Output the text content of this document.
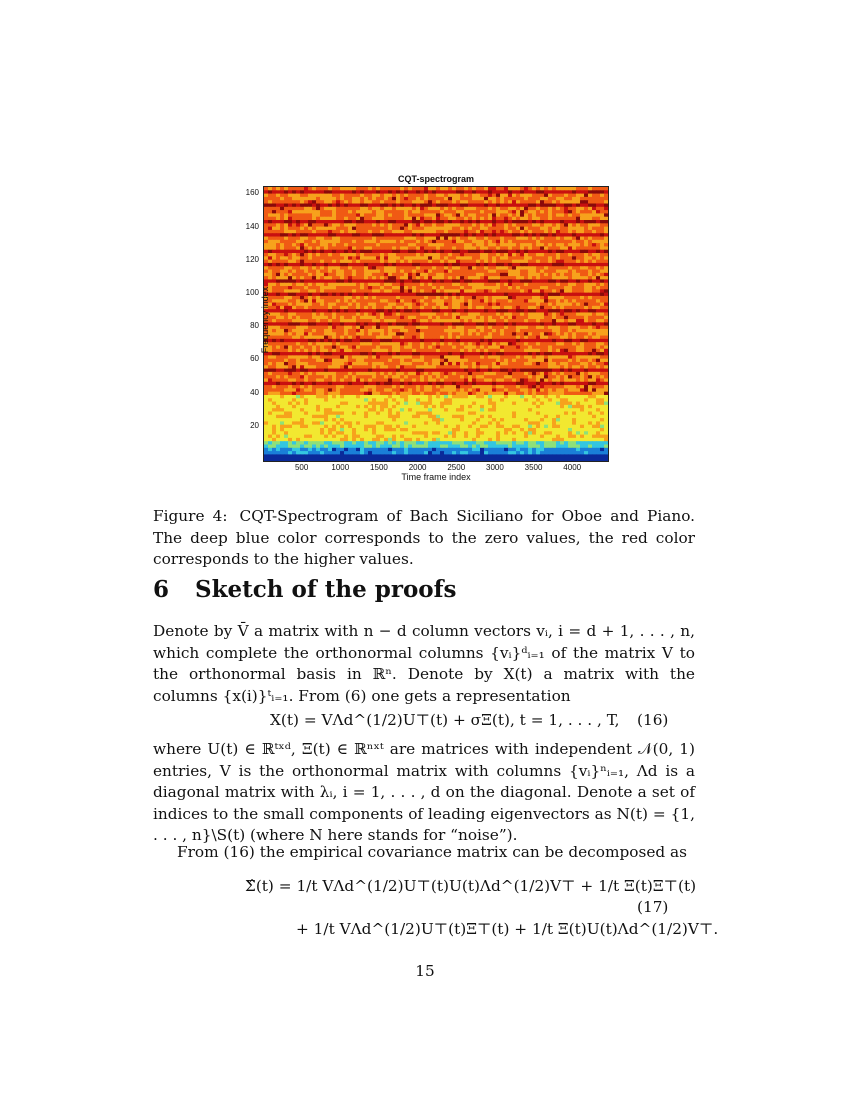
CQT-spectrogram
20
40
60
80
100
120
140
160
500	1000	1500	2000	2500	3000	3500	4000
Frequency index
Time frame index
Figure 4: CQT-Spectrogram of Bach Siciliano for Oboe and Piano. The deep blue color corresponds to the zero values, the red color corresponds to the higher values.
6 Sketch of the proofs
Denote by V̄ a matrix with n − d column vectors vᵢ, i = d + 1, . . . , n, which complete the orthonormal columns {vᵢ}ᵈᵢ₌₁ of the matrix V to the orthonormal basis in ℝⁿ. Denote by X(t) a matrix with the columns {x(i)}ᵗᵢ₌₁. From (6) one gets a representation
X(t) = VΛd^(1/2)U⊤(t) + σΞ(t), t = 1, . . . , T, (16)
where U(t) ∈ ℝᵗˣᵈ, Ξ(t) ∈ ℝⁿˣᵗ are matrices with independent 𝒩(0, 1) entries, V is the orthonormal matrix with columns {vᵢ}ⁿᵢ₌₁, Λd is a diagonal matrix with λᵢ, i = 1, . . . , d on the diagonal. Denote a set of indices to the small components of leading eigenvectors as N(t) = {1, . . . , n}\S(t) (where N here stands for “noise”).
From (16) the empirical covariance matrix can be decomposed as
Σ̂(t) = 1/t VΛd^(1/2)U⊤(t)U(t)Λd^(1/2)V⊤ + 1/t Ξ(t)Ξ⊤(t)
+ 1/t VΛd^(1/2)U⊤(t)Ξ⊤(t) + 1/t Ξ(t)U(t)Λd^(1/2)V⊤.
(17)
15
